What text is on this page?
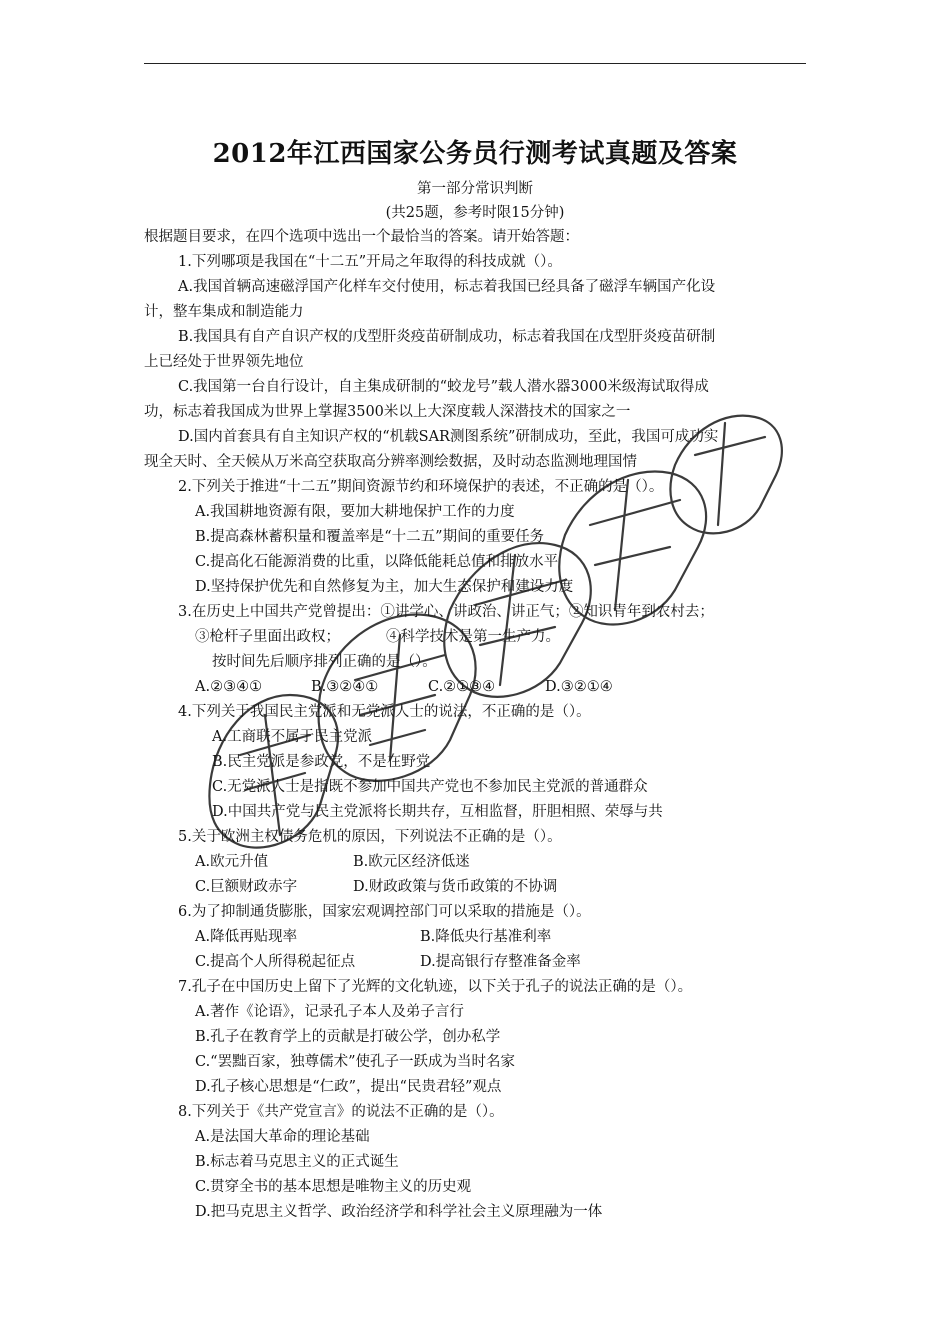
2012年江西国家公务员行测考试真题及答案
第一部分常识判断
(共25题，参考时限15分钟)
根据题目要求，在四个选项中选出一个最恰当的答案。请开始答题：
1.下列哪项是我国在“十二五”开局之年取得的科技成就（）。
A.我国首辆高速磁浮国产化样车交付使用，标志着我国已经具备了磁浮车辆国产化设
计，整车集成和制造能力
B.我国具有自产自识产权的戊型肝炎疫苗研制成功，标志着我国在戊型肝炎疫苗研制
上已经处于世界领先地位
C.我国第一台自行设计，自主集成研制的“蛟龙号”载人潜水器3000米级海试取得成
功，标志着我国成为世界上掌握3500米以上大深度载人深潜技术的国家之一
D.国内首套具有自主知识产权的“机载SAR测图系统”研制成功，至此，我国可成功实
现全天时、全天候从万米高空获取高分辨率测绘数据，及时动态监测地理国情
2.下列关于推进“十二五”期间资源节约和环境保护的表述，不正确的是（）。
A.我国耕地资源有限，要加大耕地保护工作的力度
B.提高森林蓄积量和覆盖率是“十二五”期间的重要任务
C.提高化石能源消费的比重，以降低能耗总值和排放水平
D.坚持保护优先和自然修复为主，加大生态保护和建设力度
3.在历史上中国共产党曾提出：①讲学心、讲政治、讲正气；②知识青年到农村去；
③枪杆子里面出政权；	④科学技术是第一生产力。
按时间先后顺序排列正确的是（）。
A.②③④①	B.③②④①	C.②①③④	D.③②①④
4.下列关于我国民主党派和无党派人士的说法，不正确的是（）。
A.工商联不属于民主党派
B.民主党派是参政党，不是在野党
C.无党派人士是指既不参加中国共产党也不参加民主党派的普通群众
D.中国共产党与民主党派将长期共存，互相监督，肝胆相照、荣辱与共
5.关于欧洲主权债务危机的原因，下列说法不正确的是（）。
A.欧元升值	B.欧元区经济低迷
C.巨额财政赤字	D.财政政策与货币政策的不协调
6.为了抑制通货膨胀，国家宏观调控部门可以采取的措施是（）。
A.降低再贴现率	B.降低央行基准利率
C.提高个人所得税起征点	D.提高银行存整准备金率
7.孔子在中国历史上留下了光辉的文化轨迹，以下关于孔子的说法正确的是（）。
A.著作《论语》，记录孔子本人及弟子言行
B.孔子在教育学上的贡献是打破公学，创办私学
C.“罢黜百家，独尊儒术”使孔子一跃成为当时名家
D.孔子核心思想是“仁政”，提出“民贵君轻”观点
8.下列关于《共产党宣言》的说法不正确的是（）。
A.是法国大革命的理论基础
B.标志着马克思主义的正式诞生
C.贯穿全书的基本思想是唯物主义的历史观
D.把马克思主义哲学、政治经济学和科学社会主义原理融为一体
